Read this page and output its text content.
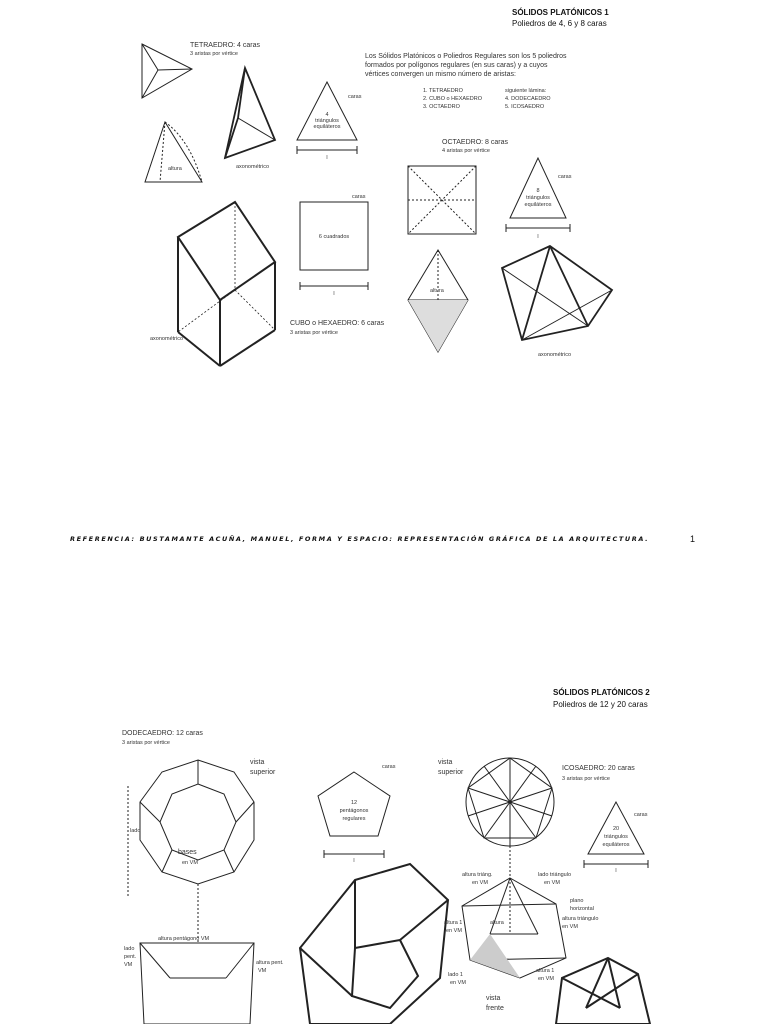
SÓLIDOS PLATÓNICOS 1
Poliedros de 4, 6 y 8 caras
TETRAEDRO: 4 caras
3 aristas por vértice
altura	axonométrico
caras
4
triángulos
equiláteros
l
Los Sólidos Platónicos o Poliedros Regulares son los 5 poliedros
formados por polígonos regulares (en sus caras) y a cuyos
vértices convergen un mismo número de aristas:
1. TETRAEDRO
2. CUBO o HEXAEDRO
3. OCTAEDRO
siguiente lámina:
4. DODECAEDRO
5. ICOSAEDRO
OCTAEDRO: 8 caras
4 aristas por vértice
caras
8
triángulos
equiláteros
l
altura
axonométrico
caras
6 cuadrados
l
CUBO o HEXAEDRO: 6 caras
3 aristas por vértice
axonométrico
REFERENCIA: BUSTAMANTE ACUÑA, MANUEL, FORMA Y ESPACIO: REPRESENTACIÓN GRÁFICA DE LA ARQUITECTURA.	1
SÓLIDOS PLATÓNICOS 2
Poliedros de 12 y 20 caras
DODECAEDRO: 12 caras
3 aristas por vértice
vista
superior
lado
bases
en VM
altura pentágono VM
lado
pent.
VM	altura pent.
VM
caras
12
pentágonos
regulares
l
vista
superior
ICOSAEDRO: 20 caras
3 aristas por vértice
caras
20
triángulos
equiláteros
l
altura triáng.
en VM
lado triángulo
en VM
plano
horizontal
altura triángulo
en VM
altura 1
en VM
altura
lado 1
en VM
altura 1
en VM
vista
frente
